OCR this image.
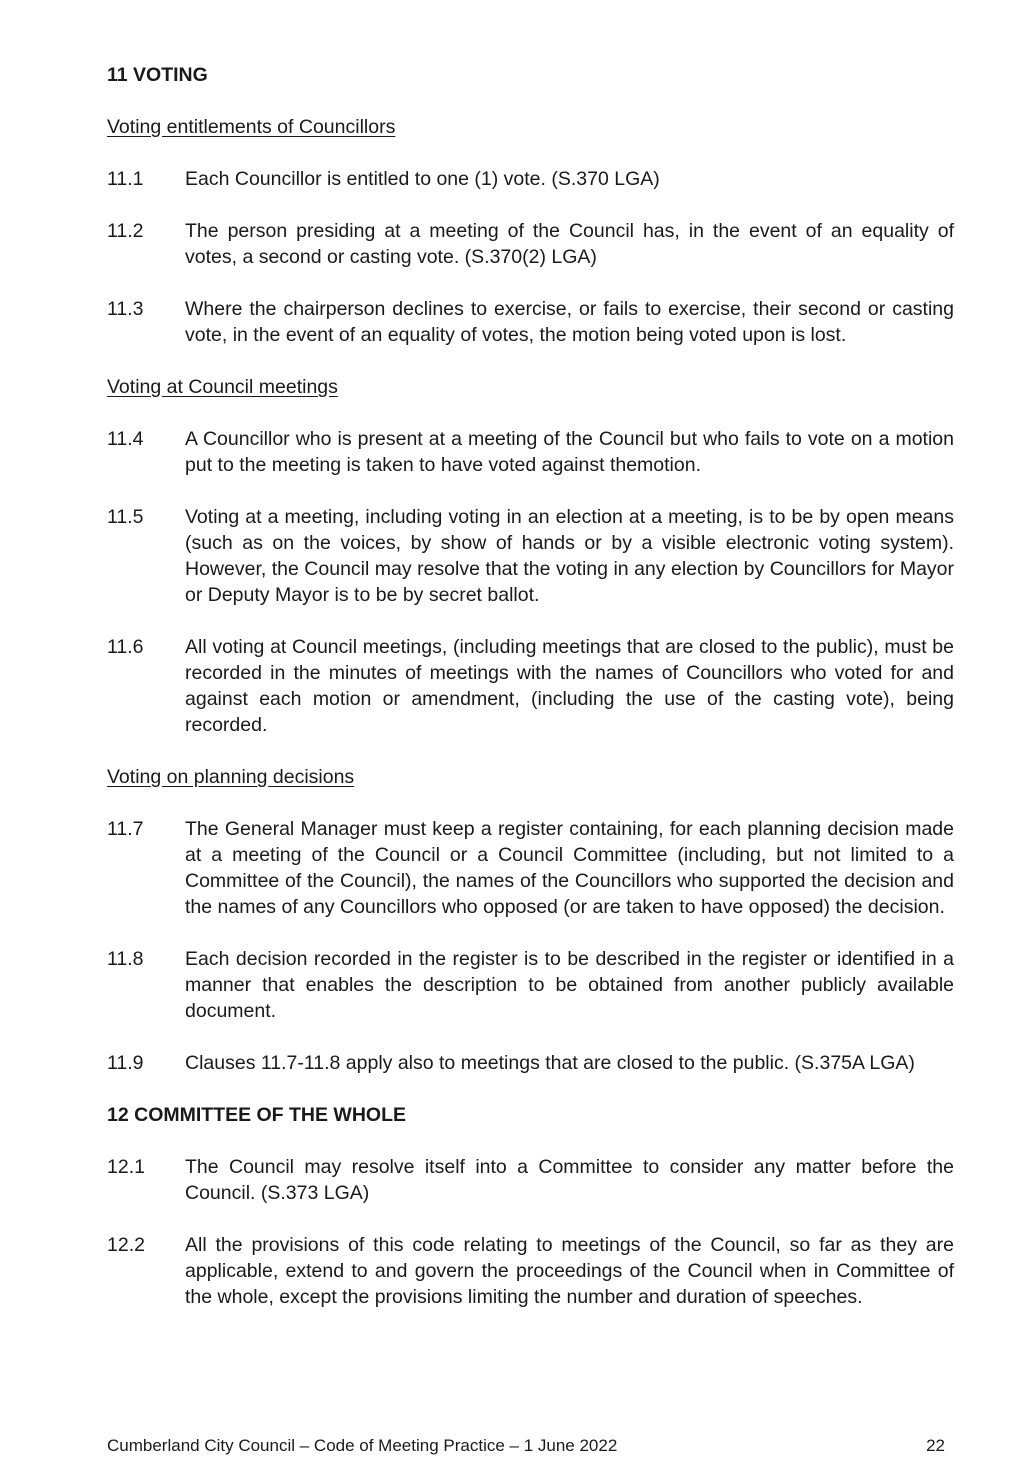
11 VOTING
Voting entitlements of Councillors
11.1	Each Councillor is entitled to one (1) vote. (S.370 LGA)
11.2	The person presiding at a meeting of the Council has, in the event of an equality of votes, a second or casting vote. (S.370(2) LGA)
11.3	Where the chairperson declines to exercise, or fails to exercise, their second or casting vote, in the event of an equality of votes, the motion being voted upon is lost.
Voting at Council meetings
11.4	A Councillor who is present at a meeting of the Council but who fails to vote on a motion put to the meeting is taken to have voted against themotion.
11.5	Voting at a meeting, including voting in an election at a meeting, is to be by open means (such as on the voices, by show of hands or by a visible electronic voting system). However, the Council may resolve that the voting in any election by Councillors for Mayor or Deputy Mayor is to be by secret ballot.
11.6	All voting at Council meetings, (including meetings that are closed to the public), must be recorded in the minutes of meetings with the names of Councillors who voted for and against each motion or amendment, (including the use of the casting vote), being recorded.
Voting on planning decisions
11.7	The General Manager must keep a register containing, for each planning decision made at a meeting of the Council or a Council Committee (including, but not limited to a Committee of the Council), the names of the Councillors who supported the decision and the names of any Councillors who opposed (or are taken to have opposed) the decision.
11.8	Each decision recorded in the register is to be described in the register or identified in a manner that enables the description to be obtained from another publicly available document.
11.9	Clauses 11.7-11.8 apply also to meetings that are closed to the public. (S.375A LGA)
12 COMMITTEE OF THE WHOLE
12.1	The Council may resolve itself into a Committee to consider any matter before the Council. (S.373 LGA)
12.2	All the provisions of this code relating to meetings of the Council, so far as they are applicable, extend to and govern the proceedings of the Council when in Committee of the whole, except the provisions limiting the number and duration of speeches.
Cumberland City Council – Code of Meeting Practice – 1 June 2022	22
